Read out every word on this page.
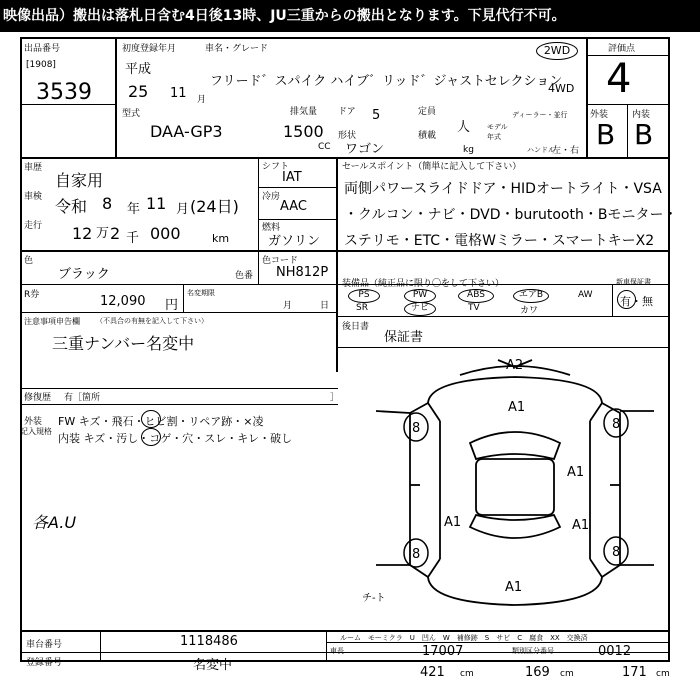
映像出品）搬出は落札日含む4日後13時、JU三重からの搬出となります。下見代行不可。
出品番号
[1908]
3539
初度登録年月	車名・グレード
平成
25 11 月
フリード゛スパイク ハイブ゛リッド゛ジャストセレクション
型式
DAA-GP3
2WD
4WD
排気量
1500
CC
ドア 5
形状
ワゴン
定員
人
積載
kg
ディーラー・並行
モデル年式
ハンドル
左・右
評価点
4
外装	内装
B B
車歴
自家用
車検 令和 8 年 11 月 (24日)
走行 12 万 2 千 000	km
シフト
IAT
冷房
AAC
燃料
ガソリン
セールスポイント（簡単に記入して下さい）
両側パワースライドドア・HIDオートライト・VSA
・クルコン・ナビ・DVD・burutooth・Bモニター・
ステリモ・ETC・電格Wミラー・スマートキーX2
色
ブラック	色番
色コード
NH812P
R券	12,090 円
名変期限
月	日
装備品（純正品に限り〇をして下さい）
PS	PW	ABS	エアB	AW
SR	ナビ	TV	カワ
新車保証書
有・無
注意事項申告欄 （不具合の有無を記入して下さい）
三重ナンバー名変中
修復歴 有［箇所	］
後日書
保証書
外装
記入規格
FW キズ・飛石・ヒビ割・リペア跡・×凌
内装 キズ・汚し・コゲ・穴・スレ・キレ・破し
各A.U
A2
A1
A1
A1	A1
A1
8	8
8	8
チ-ト
車台番号	1118486
登録番号	名変中
ルーム　モーミクラ　U　凹ん　W　補修跡　S　サビ　C　腐食　XX　交換済
車長	17007	類別区分番号	0012
421 cm	169 cm	171 cm
